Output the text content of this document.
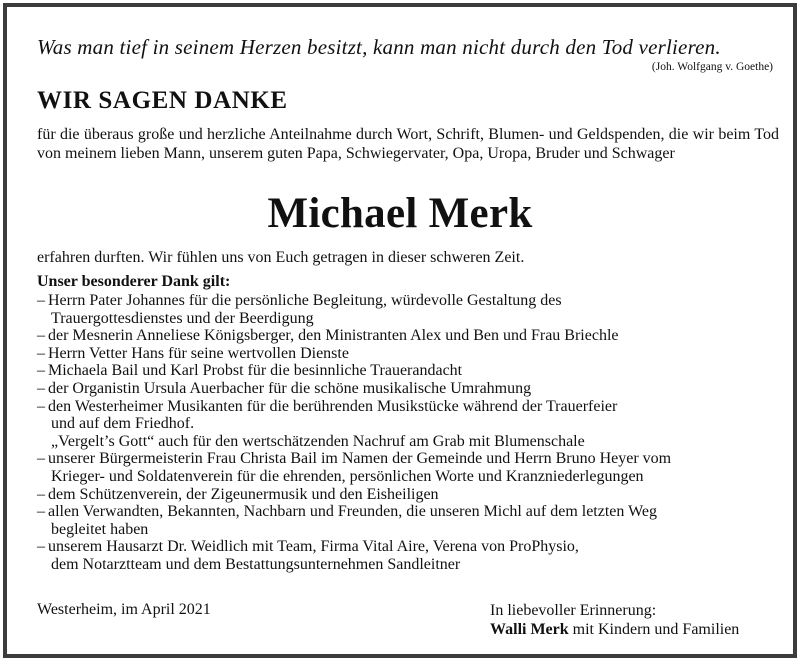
Was man tief in seinem Herzen besitzt, kann man nicht durch den Tod verlieren.
(Joh. Wolfgang v. Goethe)
WIR SAGEN DANKE
für die überaus große und herzliche Anteilnahme durch Wort, Schrift, Blumen- und Geldspenden, die wir beim Tod von meinem lieben Mann, unserem guten Papa, Schwiegervater, Opa, Uropa, Bruder und Schwager
Michael Merk
erfahren durften. Wir fühlen uns von Euch getragen in dieser schweren Zeit.
Unser besonderer Dank gilt:
– Herrn Pater Johannes für die persönliche Begleitung, würdevolle Gestaltung des
Trauergottesdienstes und der Beerdigung
– der Mesnerin Anneliese Königsberger, den Ministranten Alex und Ben und Frau Briechle
– Herrn Vetter Hans für seine wertvollen Dienste
– Michaela Bail und Karl Probst für die besinnliche Trauerandacht
– der Organistin Ursula Auerbacher für die schöne musikalische Umrahmung
– den Westerheimer Musikanten für die berührenden Musikstücke während der Trauerfeier
und auf dem Friedhof.
„Vergelt’s Gott“ auch für den wertschätzenden Nachruf am Grab mit Blumenschale
– unserer Bürgermeisterin Frau Christa Bail im Namen der Gemeinde und Herrn Bruno Heyer vom
Krieger- und Soldatenverein für die ehrenden, persönlichen Worte und Kranzniederlegungen
– dem Schützenverein, der Zigeunermusik und den Eisheiligen
– allen Verwandten, Bekannten, Nachbarn und Freunden, die unseren Michl auf dem letzten Weg
begleitet haben
– unserem Hausarzt Dr. Weidlich mit Team, Firma Vital Aire, Verena von ProPhysio,
dem Notarztteam und dem Bestattungsunternehmen Sandleitner
Westerheim, im April 2021	In liebevoller Erinnerung:
Walli Merk mit Kindern und Familien
